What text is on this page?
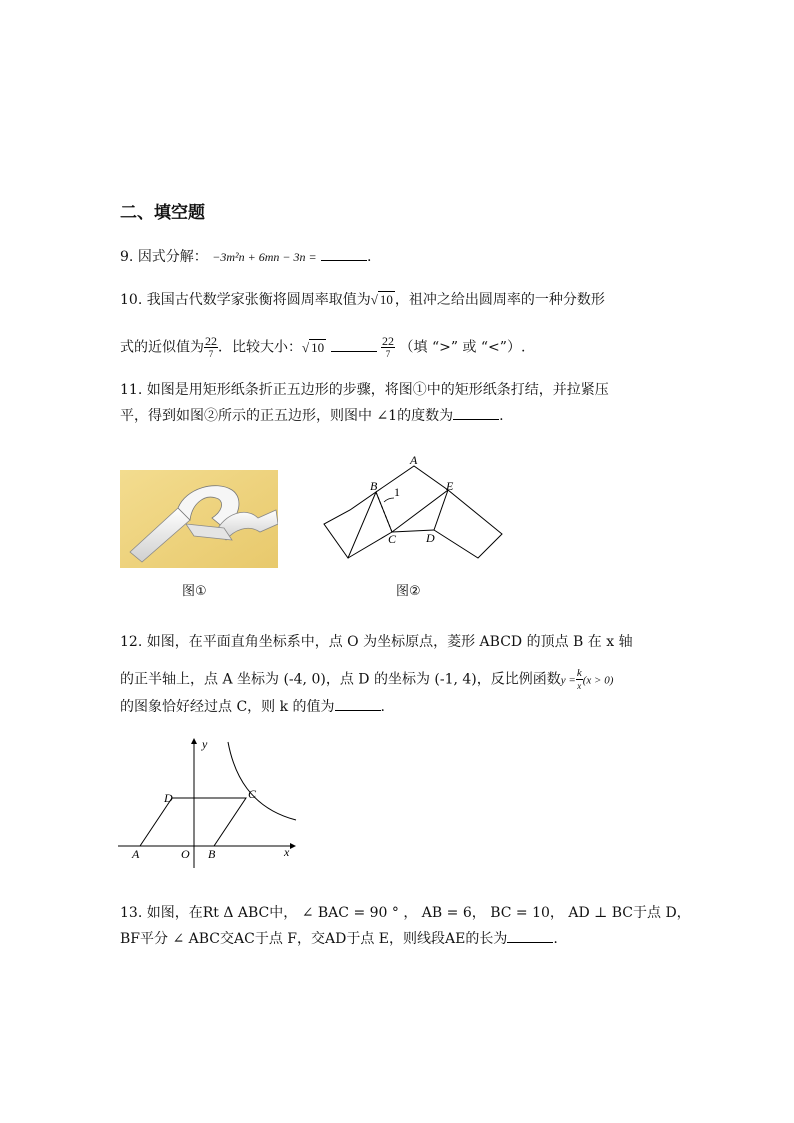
二、填空题
9. 因式分解： −3m²n + 6mn − 3n =	.
10. 我国古代数学家张衡将圆周率取值为√ 10 ，祖冲之给出圆周率的一种分数形
式的近似值为 $\frac{22}{7}$ ．比较大小：√ 10	$\frac{22}{7}$ （填 “>” 或 “<”）.
11. 如图是用矩形纸条折正五边形的步骤，将图①中的矩形纸条打结，并拉紧压
平，得到如图②所示的正五边形，则图中 ∠1的度数为	.
图①
A
B
C D
E
1
图②
12. 如图，在平面直角坐标系中，点 O 为坐标原点，菱形 ABCD 的顶点 B 在 x 轴
的正半轴上，点 A 坐标为 (-4, 0)，点 D 的坐标为 (-1, 4)，反比例函数$y = \frac{k}{x} (x > 0)$
的图象恰好经过点 C，则 k 的值为	.
y
x
A	O B
C
D
13. 如图，在Rt Δ ABC中， ∠ BAC = 90 ° ， AB = 6， BC = 10， AD ⊥ BC于点 D，
BF平分 ∠ ABC交AC于点 F，交AD于点 E，则线段AE的长为	.
